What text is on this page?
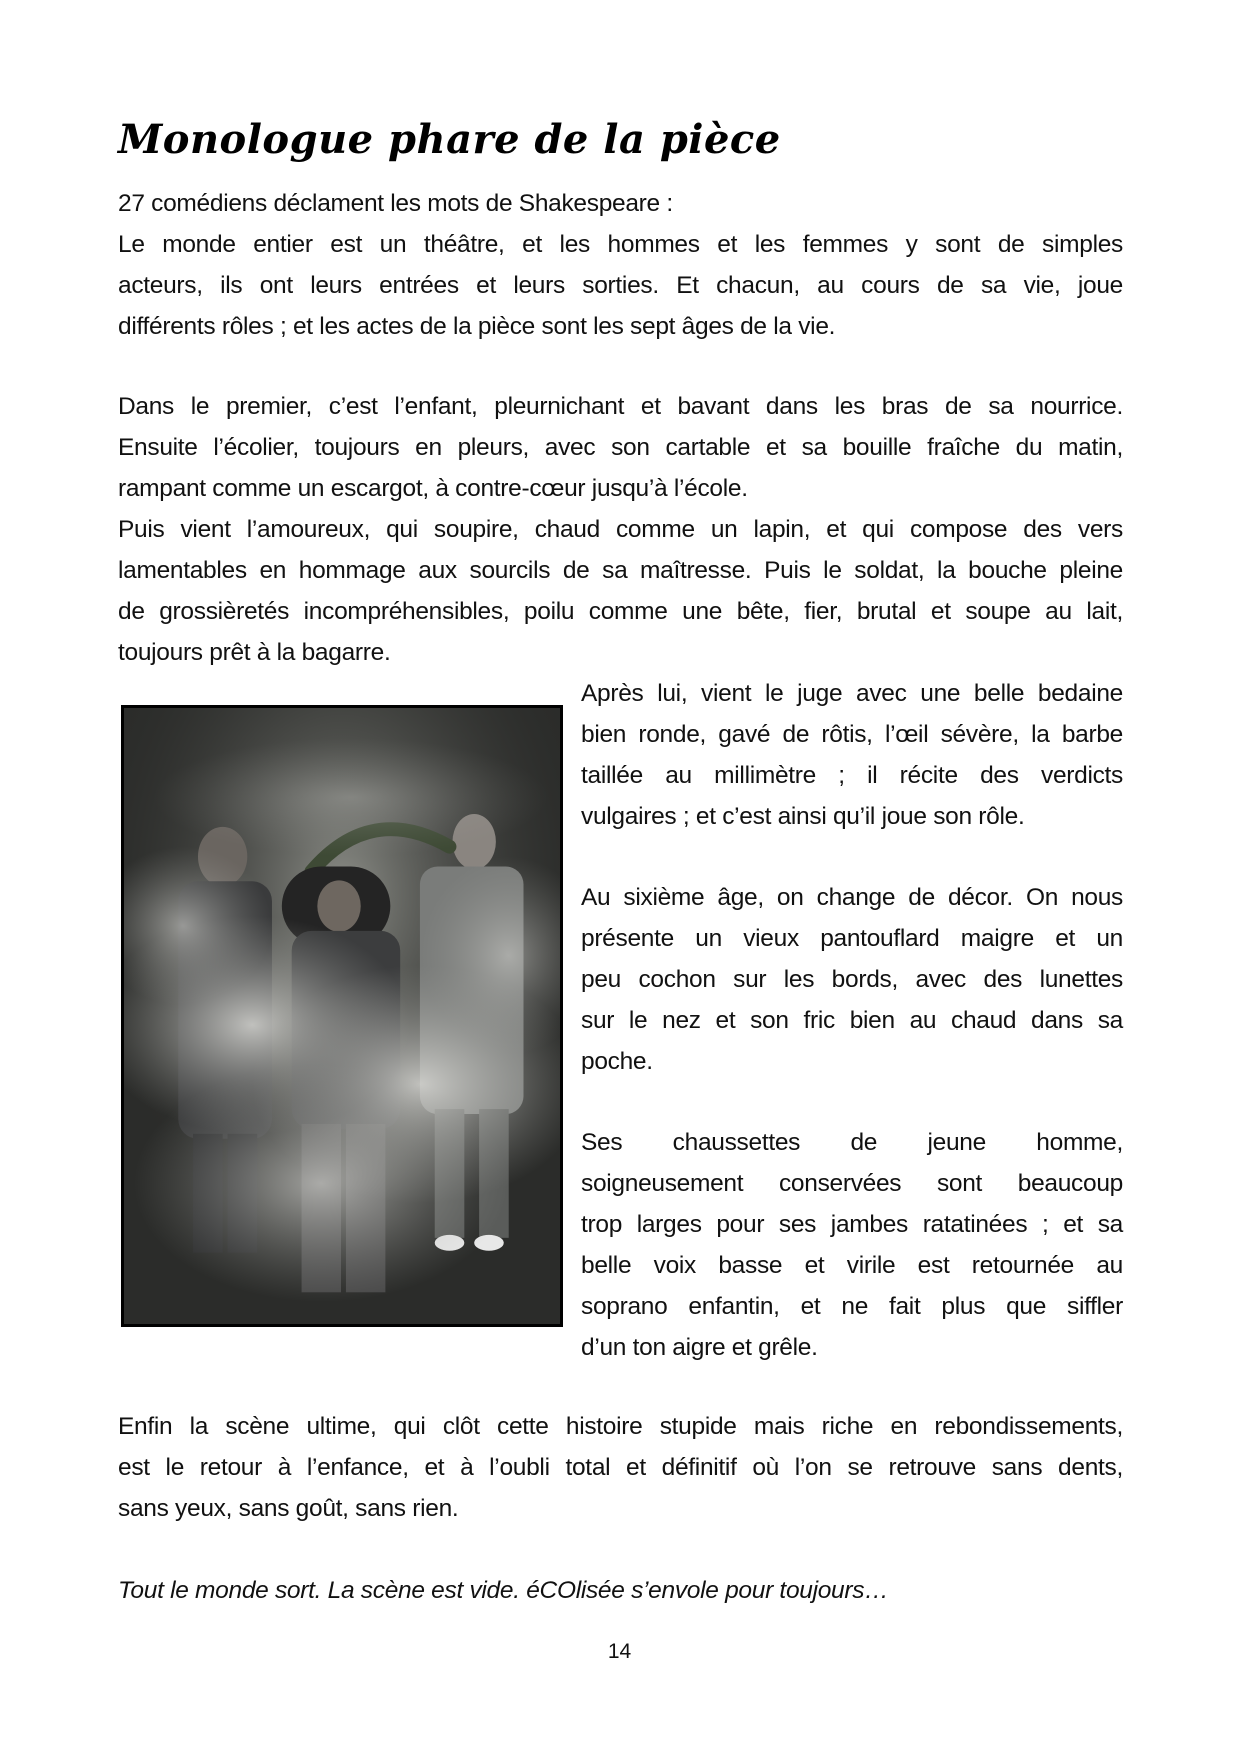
Monologue phare de la pièce
27 comédiens déclament les mots de Shakespeare :
Le monde entier est un théâtre, et les hommes et les femmes y sont de simples
acteurs, ils ont leurs entrées et leurs sorties. Et chacun, au cours de sa vie, joue
différents rôles ; et les actes de la pièce sont les sept âges de la vie.
Dans le premier, c’est l’enfant, pleurnichant et bavant dans les bras de sa nourrice.
Ensuite l’écolier, toujours en pleurs, avec son cartable et sa bouille fraîche du matin,
rampant comme un escargot, à contre-cœur jusqu’à l’école.
Puis vient l’amoureux, qui soupire, chaud comme un lapin, et qui compose des vers
lamentables en hommage aux sourcils de sa maîtresse. Puis le soldat, la bouche pleine
de grossièretés incompréhensibles, poilu comme une bête, fier, brutal et soupe au lait,
toujours prêt à la bagarre.
Après lui, vient le juge avec une belle bedaine
bien ronde, gavé de rôtis, l’œil sévère, la barbe
taillée au millimètre ; il récite des verdicts
vulgaires ; et c’est ainsi qu’il joue son rôle.
Au sixième âge, on change de décor. On nous
présente un vieux pantouflard maigre et un
peu cochon sur les bords, avec des lunettes
sur le nez et son fric bien au chaud dans sa
poche.
Ses chaussettes de jeune homme,
soigneusement conservées sont beaucoup
trop larges pour ses jambes ratatinées ; et sa
belle voix basse et virile est retournée au
soprano enfantin, et ne fait plus que siffler
d’un ton aigre et grêle.
Enfin la scène ultime, qui clôt cette histoire stupide mais riche en rebondissements,
est le retour à l’enfance, et à l’oubli total et définitif où l’on se retrouve sans dents,
sans yeux, sans goût, sans rien.
Tout le monde sort. La scène est vide. éCOlisée s’envole pour toujours…
14
